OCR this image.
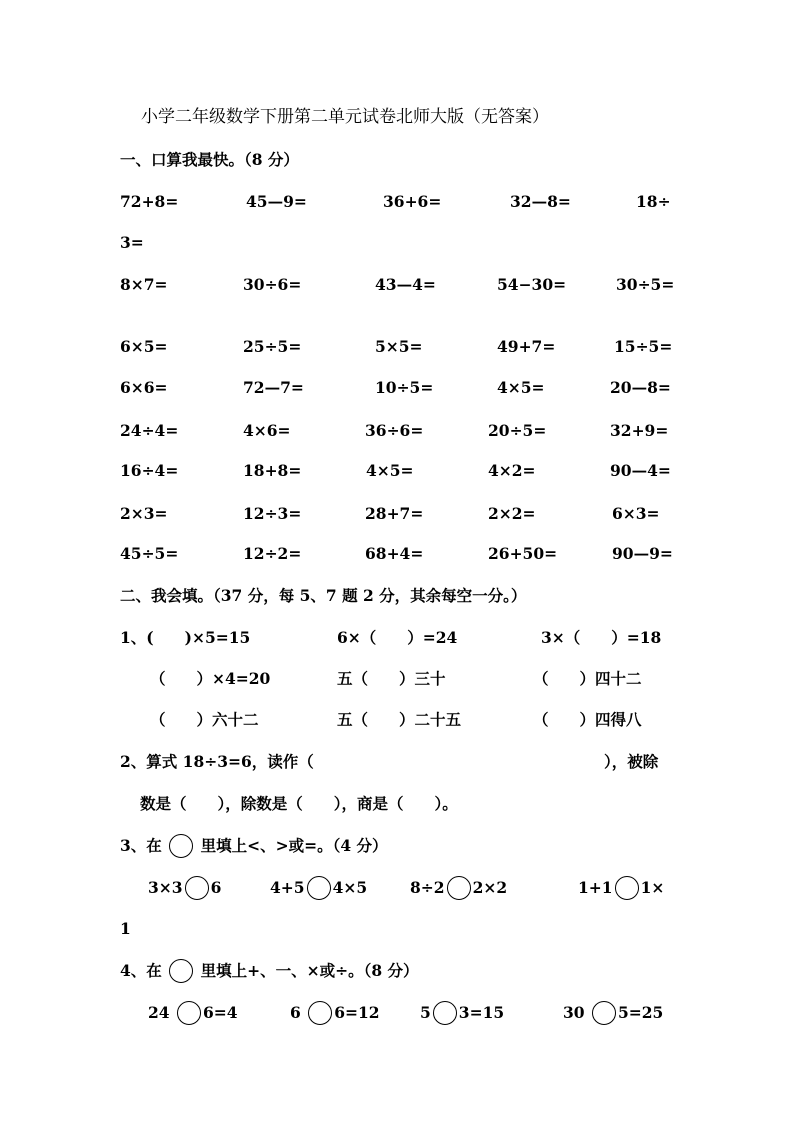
小学二年级数学下册第二单元试卷北师大版（无答案）
一、口算我最快。（8 分）
72+8=	45—9=	36+6=	32—8=	18÷
3=
8×7=	30÷6=	43—4=	54−30=	30÷5=
6×5=	25÷5=	5×5=	49+7=	15÷5=
6×6=	72—7=	10÷5=	4×5=	20—8=
24÷4=	4×6=	36÷6=	20÷5=	32+9=
16÷4=	18+8=	4×5=	4×2=	90—4=
2×3=	12÷3=	28+7=	2×2=	6×3=
45÷5=	12÷2=	68+4=	26+50=	90—9=
二、我会填。（37 分，每 5、7 题 2 分，其余每空一分。）
1、(　　)×5=15	6×（　　）=24	3×（　　）=18
（　　）×4=20	五（　　）三十	（　　）四十二
（　　）六十二	五（　　）二十五	（　　）四得八
2、算式 18÷3=6，读作（	），被除
数是（　　），除数是（　　），商是（　　）。
3、在	里填上<、>或=。（4 分）
3×3 6	4+5 4×5	8÷2 2×2	1+1 1×
1
4、在	里填上+、一、×或÷。（8 分）
24 6=4	6 6=12	5 3=15	30 5=25
